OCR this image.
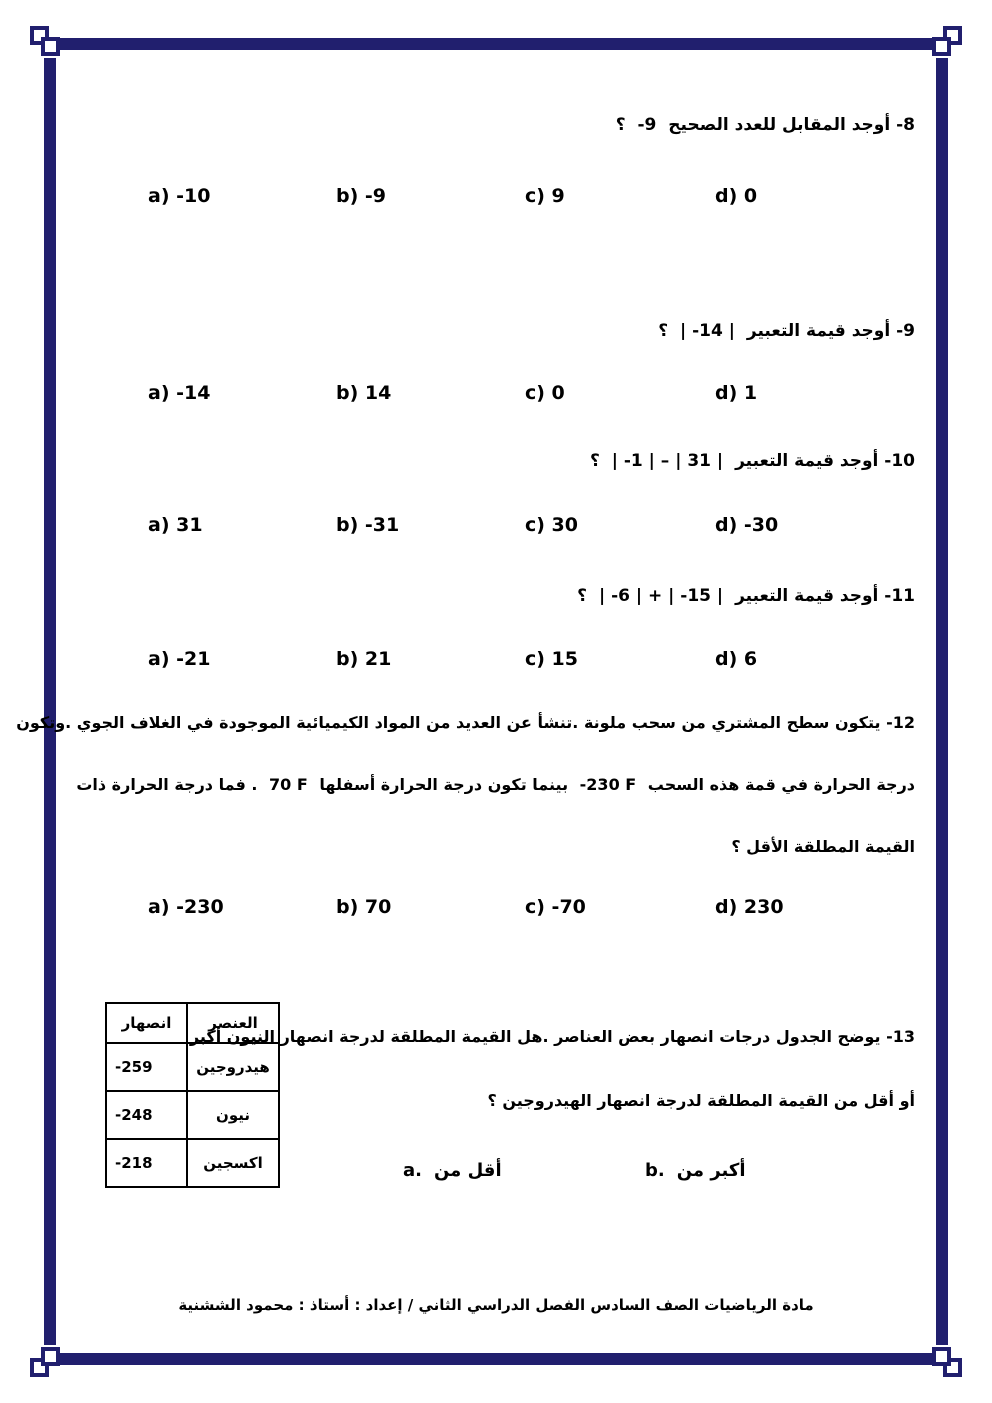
8- أوجد المقابل للعدد الصحيح -9 ؟
a) -10	b) -9	c) 9	d) 0
9- أوجد قيمة التعبير | -14 | ؟
a) -14	b) 14	c) 0	d) 1
10- أوجد قيمة التعبير | -1 | – | 31 | ؟
a) 31	b) -31	c) 30	d) -30
11- أوجد قيمة التعبير | -6 | + | -15 | ؟
a) -21	b) 21	c) 15	d) 6
12- يتكون سطح المشتري من سحب ملونة .تنشأ عن العديد من المواد الكيميائية الموجودة في الغلاف الجوي .وتكون
درجة الحرارة في قمة هذه السحب -230 F بينما تكون درجة الحرارة أسفلها 70 F . فما درجة الحرارة ذات
القيمة المطلقة الأقل ؟
a) -230	b) 70	c) -70	d) 230
العنصر	انصهار
هيدروجين	-259
نيون	-248
اكسجين	-218
13- يوضح الجدول درجات انصهار بعض العناصر .هل القيمة المطلقة لدرجة انصهار النيون أكبر
أو أقل من القيمة المطلقة لدرجة انصهار الهيدروجين ؟
a. أقل من	b. أكبر من
مادة الرياضيات الصف السادس الفصل الدراسي الثاني / إعداد : أستاذ : محمود الششنية
